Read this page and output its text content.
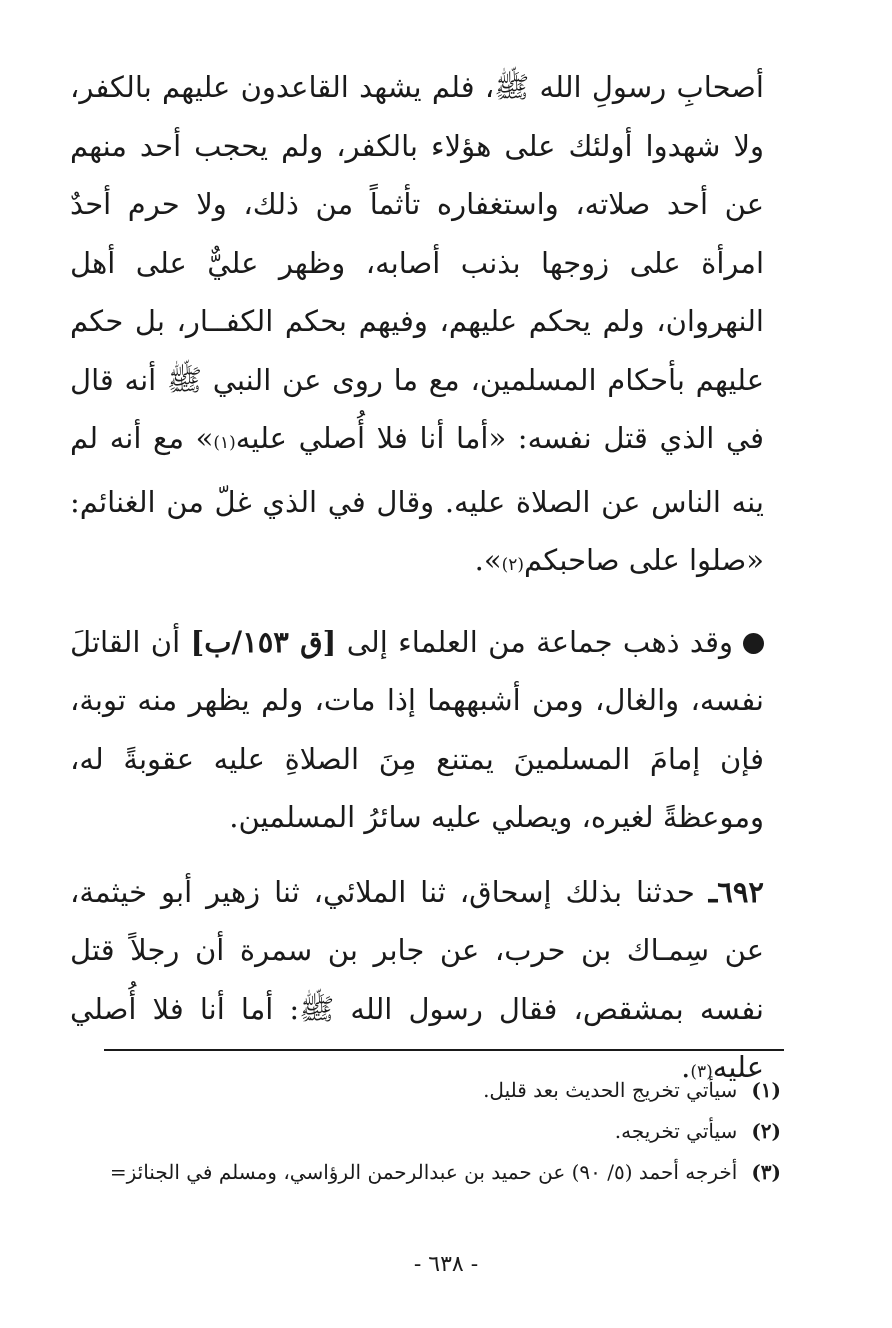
أصحابِ رسولِ الله ﷺ، فلم يشهد القاعدون عليهم بالكفر، ولا شهدوا أولئك على هؤلاء بالكفر، ولم يحجب أحد منهم عن أحد صلاته، واستغفاره تأثماً من ذلك، ولا حرم أحدٌ امرأة على زوجها بذنب أصابه، وظهر عليٌّ على أهل النهروان، ولم يحكم عليهم، وفيهم بحكم الكفــار، بل حكم عليهم بأحكام المسلمين، مع ما روى عن النبي ﷺ أنه قال في الذي قتل نفسه: «أما أنا فلا أُصلي عليه(١)» مع أنه لم ينه الناس عن الصلاة عليه. وقال في الذي غلّ من الغنائم: «صلوا على صاحبكم(٢)».

وقد ذهب جماعة من العلماء إلى [ق ١٥٣/ب] أن القاتلَ نفسه، والغال، ومن أشبههما إذا مات، ولم يظهر منه توبة، فإن إمامَ المسلمينَ يمتنع مِنَ الصلاةِ عليه عقوبةً له، وموعظةً لغيره، ويصلي عليه سائرُ المسلمين.

٦٩٢ـ حدثنا بذلك إسحاق، ثنا الملائي، ثنا زهير أبو خيثمة، عن سِمـاك بن حرب، عن جابر بن سمرة أن رجلاً قتل نفسه بمشقص، فقال رسول الله ﷺ: أما أنا فلا أُصلي عليه(٣).

(١)سيأتي تخريج الحديث بعد قليل.

(٢)سيأتي تخريجه.

(٣)أخرجه أحمد (٥/ ٩٠) عن حميد بن عبدالرحمن الرؤاسي، ومسلم في الجنائز=

- ٦٣٨ -
